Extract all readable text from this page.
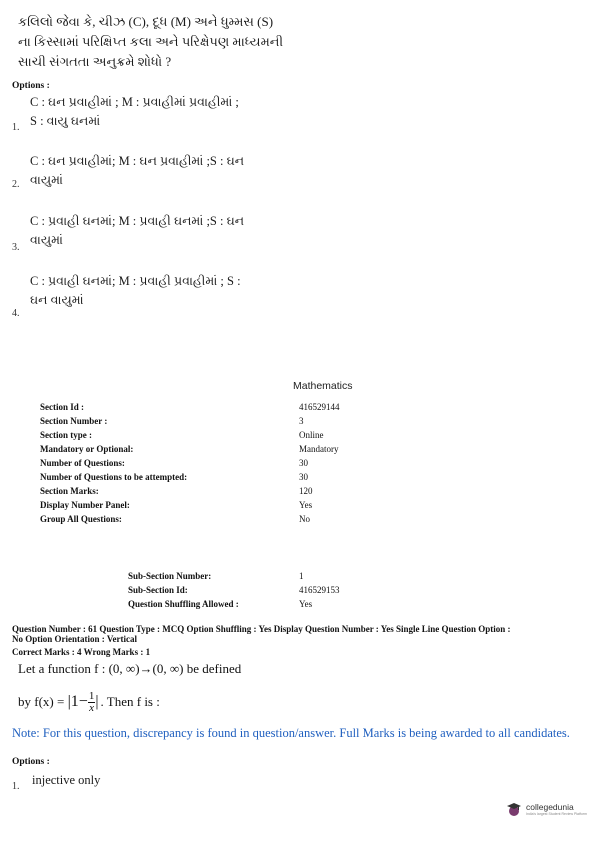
કલિલો જેવા કે, ચીઝ (C), દૂધ (M) અને ધુમ્મસ (S)
ના કિસ્સામાં પરિક્ષિપ્ત કલા અને પરિક્ષેપણ માધ્યમની
સાચી સંગતતા અનુક્રમે શોધો ?
Options :
C : ઘન પ્રવાહીમાં ; M : પ્રવાહીમાં પ્રવાહીમાં ;
S : વાયુ ઘનમાં
1.
C : ઘન પ્રવાહીમાં; M : ઘન પ્રવાહીમાં ;S : ઘન
વાયુમાં
2.
C : પ્રવાહી ઘનમાં; M : પ્રવાહી ઘનમાં ;S : ઘન
વાયુમાં
3.
C : પ્રવાહી ઘનમાં; M : પ્રવાહી પ્રવાહીમાં ; S :
ઘન વાયુમાં
4.
Mathematics
Section Id :	416529144
Section Number :	3
Section type :	Online
Mandatory or Optional:	Mandatory
Number of Questions:	30
Number of Questions to be attempted:	30
Section Marks:	120
Display Number Panel:	Yes
Group All Questions:	No
Sub-Section Number:	1
Sub-Section Id:	416529153
Question Shuffling Allowed :	Yes
Question Number : 61 Question Type : MCQ Option Shuffling : Yes Display Question Number : Yes Single Line Question Option :
No Option Orientation : Vertical
Correct Marks : 4 Wrong Marks : 1
Let a function f : (0, ∞)→(0, ∞) be defined
by $f(x) = |1- \frac{1}{x}$ | . Then f is :
Note: For this question, discrepancy is found in question/answer. Full Marks is being awarded to all candidates.
Options :
1. injective only
collegedunia
India's largest Student Review Platform
